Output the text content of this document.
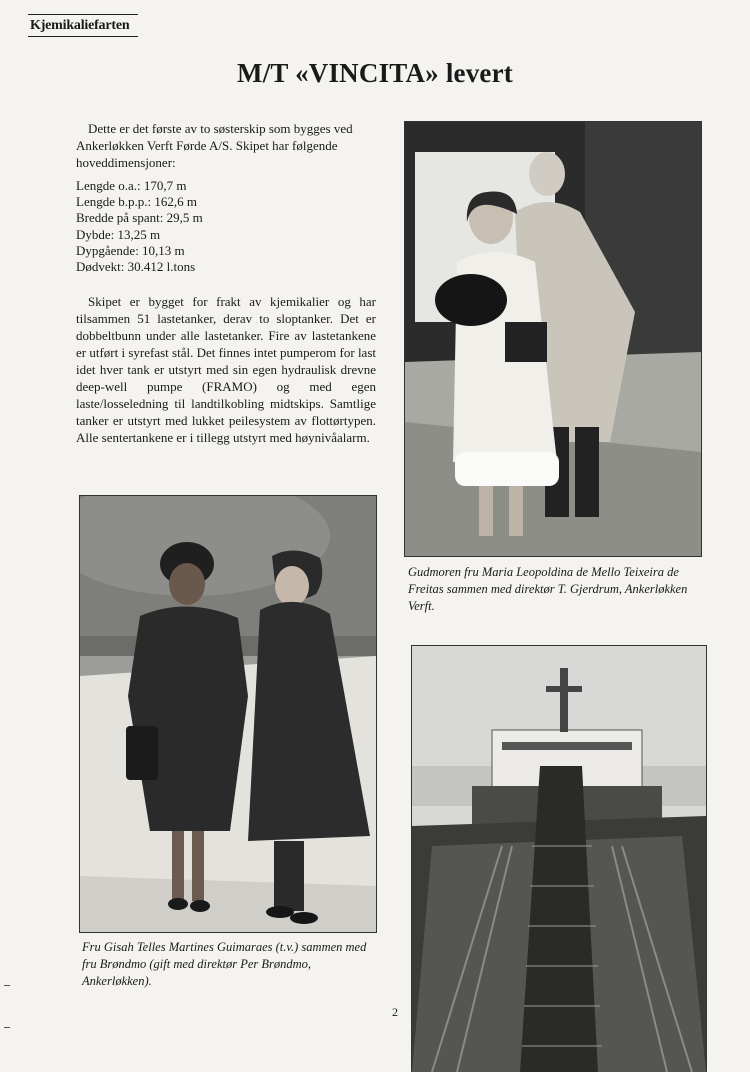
Kjemikaliefarten
M/T «VINCITA» levert

Dette er det første av to søsterskip som bygges ved Ankerløkken Verft Førde A/S. Skipet har følgende hoveddimensjoner:

Lengde o.a.: 170,7 m
Lengde b.p.p.: 162,6 m
Bredde på spant: 29,5 m
Dybde: 13,25 m
Dypgående: 10,13 m
Dødvekt: 30.412 l.tons

Skipet er bygget for frakt av kjemikalier og har tilsammen 51 lastetanker, derav to sloptanker. Det er dobbeltbunn under alle lastetanker. Fire av lastetankene er utført i syrefast stål. Det finnes intet pumperom for last idet hver tank er utstyrt med sin egen hydraulisk drevne deep-well pumpe (FRAMO) og med egen laste/losseledning til landtilkobling midtskips. Samtlige tanker er utstyrt med lukket peilesystem av flottørtypen. Alle sentertankene er i tillegg utstyrt med høynivåalarm.

Gudmoren fru Maria Leopoldina de Mello Teixeira de Freitas sammen med direktør T. Gjerdrum, Ankerløkken Verft.
Fru Gisah Telles Martines Guimaraes (t.v.) sammen med fru Brøndmo (gift med direktør Per Brøndmo, Ankerløkken).
2
